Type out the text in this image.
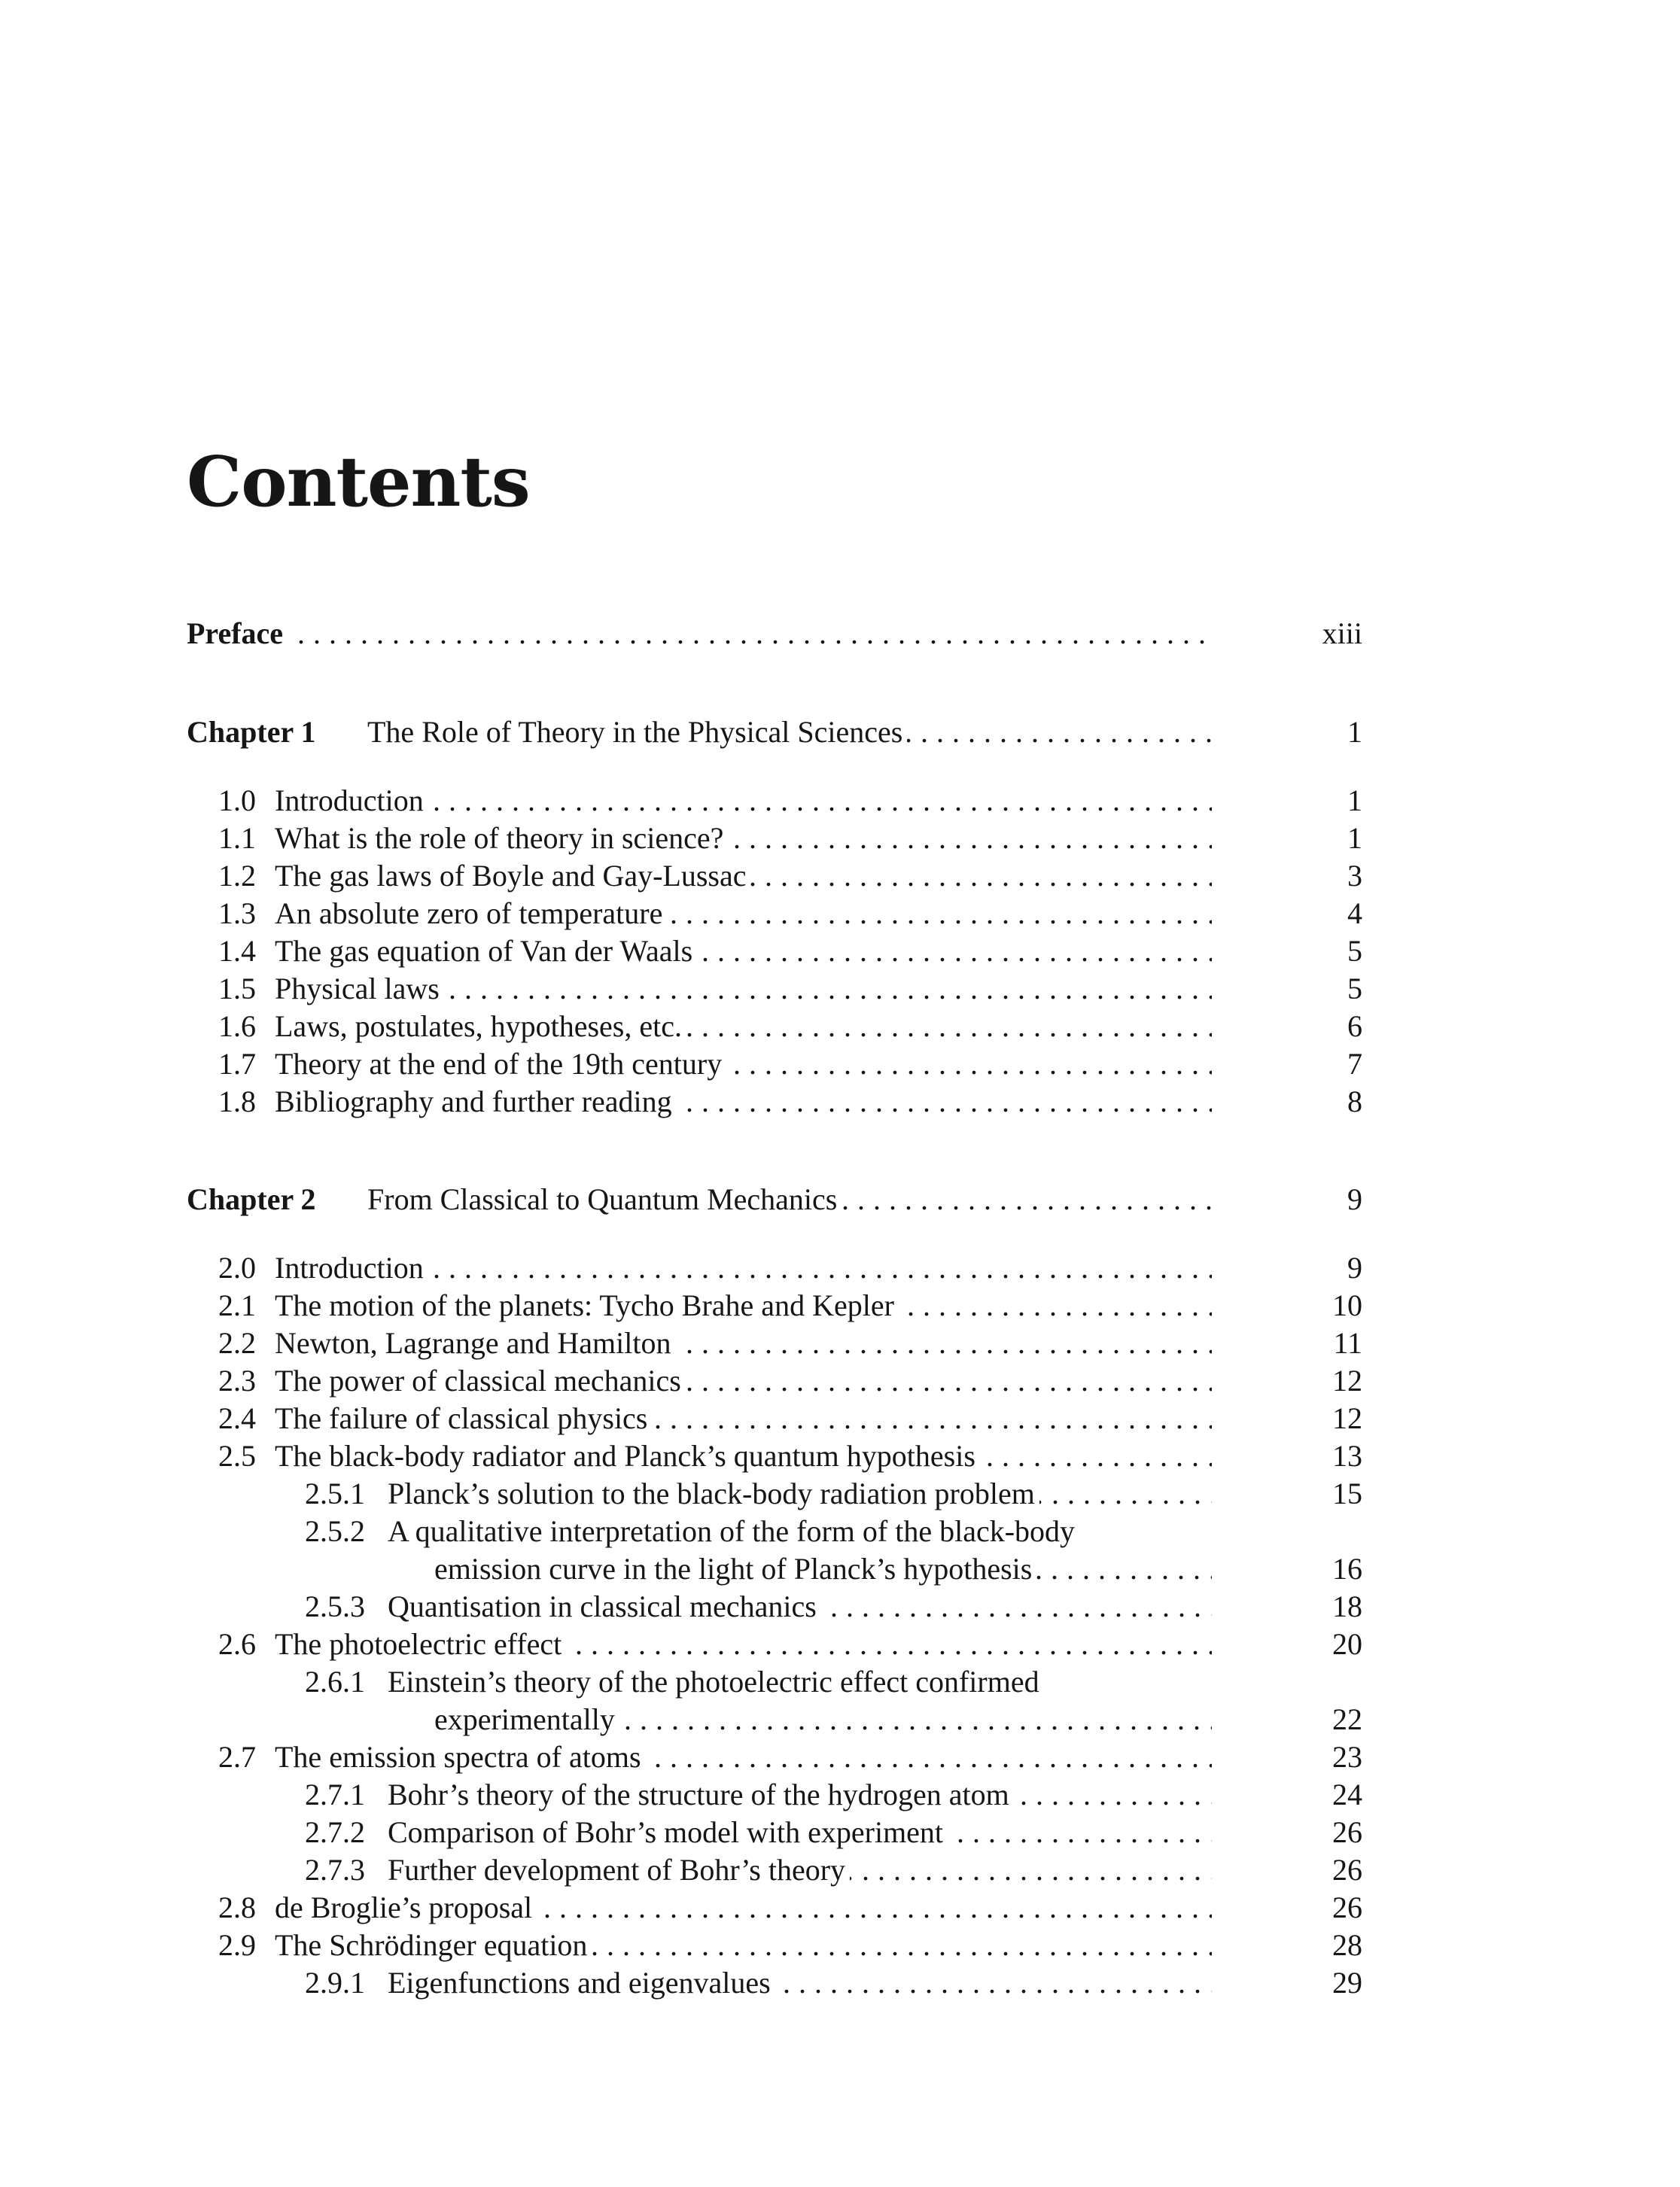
Contents
Preface . . .	xiii
Chapter 1 The Role of Theory in the Physical Sciences . . .	1
1.0 Introduction . . .	1
1.1 What is the role of theory in science? . . .	1
1.2 The gas laws of Boyle and Gay-Lussac . . .	3
1.3 An absolute zero of temperature . . .	4
1.4 The gas equation of Van der Waals . . .	5
1.5 Physical laws . . .	5
1.6 Laws, postulates, hypotheses, etc. . . .	6
1.7 Theory at the end of the 19th century . . .	7
1.8 Bibliography and further reading . . .	8
Chapter 2 From Classical to Quantum Mechanics . . .	9
2.0 Introduction . . .	9
2.1 The motion of the planets: Tycho Brahe and Kepler . . .	10
2.2 Newton, Lagrange and Hamilton . . .	11
2.3 The power of classical mechanics . . .	12
2.4 The failure of classical physics . . .	12
2.5 The black-body radiator and Planck’s quantum hypothesis . . .	13
2.5.1 Planck’s solution to the black-body radiation problem . . .	15
2.5.2 A qualitative interpretation of the form of the black-body
emission curve in the light of Planck’s hypothesis . . .	16
2.5.3 Quantisation in classical mechanics . . .	18
2.6 The photoelectric effect . . .	20
2.6.1 Einstein’s theory of the photoelectric effect confirmed
experimentally . . .	22
2.7 The emission spectra of atoms . . .	23
2.7.1 Bohr’s theory of the structure of the hydrogen atom . . .	24
2.7.2 Comparison of Bohr’s model with experiment . . .	26
2.7.3 Further development of Bohr’s theory . . .	26
2.8 de Broglie’s proposal . . .	26
2.9 The Schrödinger equation . . .	28
2.9.1 Eigenfunctions and eigenvalues . . .	29
